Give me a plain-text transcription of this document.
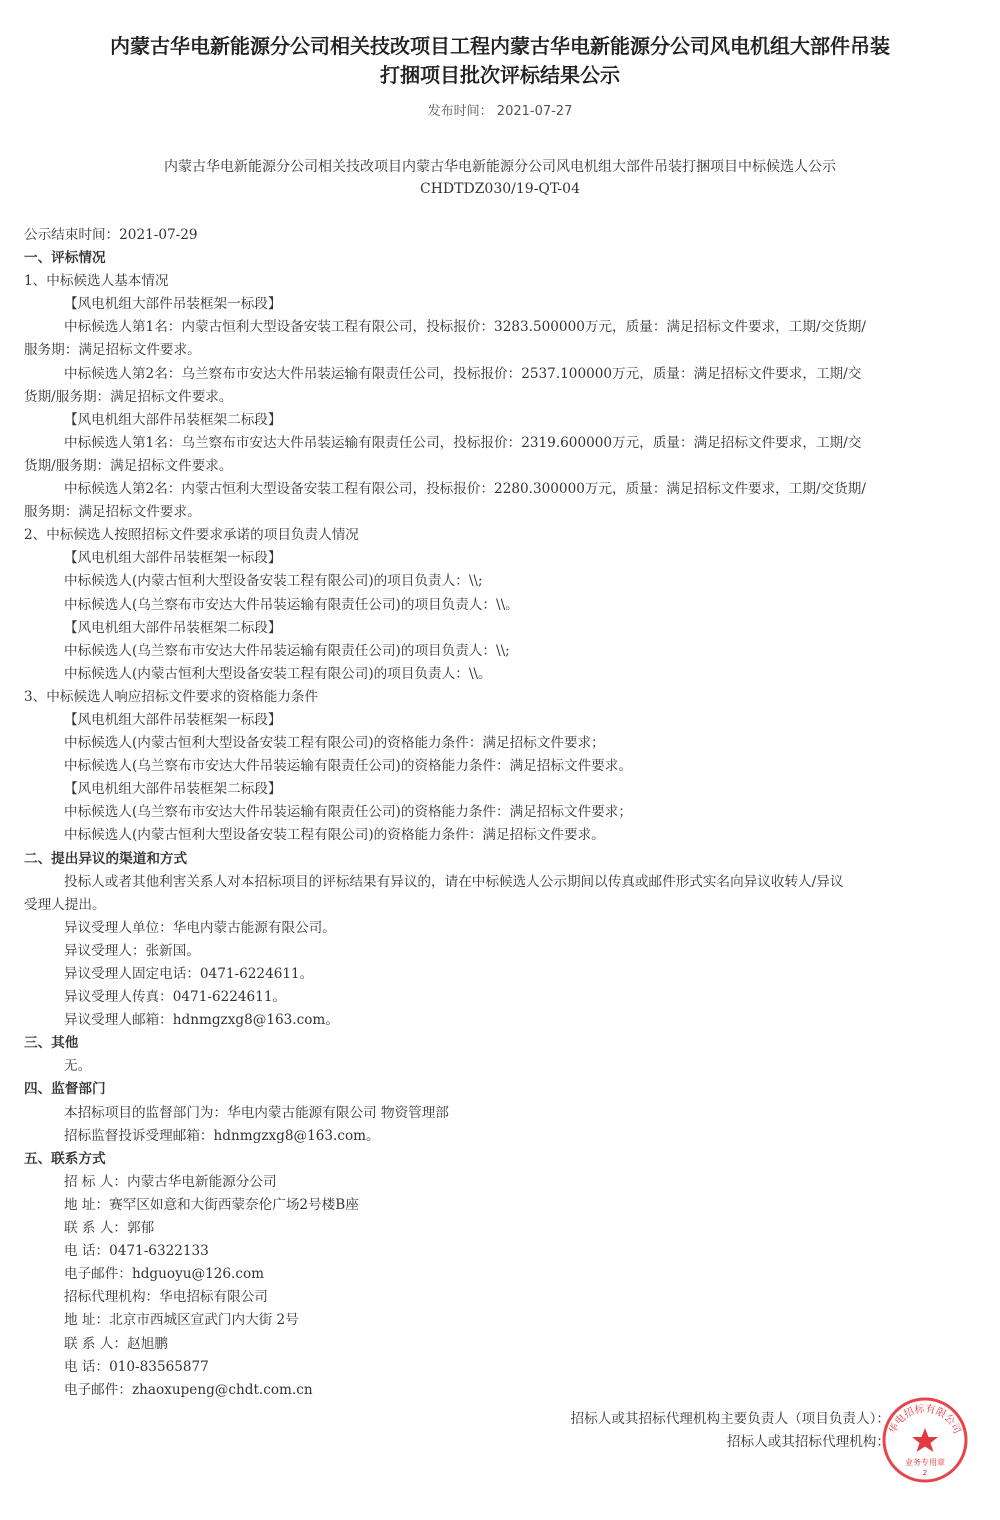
内蒙古华电新能源分公司相关技改项目工程内蒙古华电新能源分公司风电机组大部件吊装
打捆项目批次评标结果公示
发布时间： 2021-07-27
内蒙古华电新能源分公司相关技改项目内蒙古华电新能源分公司风电机组大部件吊装打捆项目中标候选人公示
CHDTDZ030/19-QT-04
公示结束时间：2021-07-29
一、评标情况
1、中标候选人基本情况
【风电机组大部件吊装框架一标段】
中标候选人第1名：内蒙古恒利大型设备安装工程有限公司，投标报价：3283.500000万元，质量：满足招标文件要求，工期/交货期/
服务期：满足招标文件要求。
中标候选人第2名：乌兰察布市安达大件吊装运输有限责任公司，投标报价：2537.100000万元，质量：满足招标文件要求，工期/交
货期/服务期：满足招标文件要求。
【风电机组大部件吊装框架二标段】
中标候选人第1名：乌兰察布市安达大件吊装运输有限责任公司，投标报价：2319.600000万元，质量：满足招标文件要求，工期/交
货期/服务期：满足招标文件要求。
中标候选人第2名：内蒙古恒利大型设备安装工程有限公司，投标报价：2280.300000万元，质量：满足招标文件要求，工期/交货期/
服务期：满足招标文件要求。
2、中标候选人按照招标文件要求承诺的项目负责人情况
【风电机组大部件吊装框架一标段】
中标候选人(内蒙古恒利大型设备安装工程有限公司)的项目负责人：\\;
中标候选人(乌兰察布市安达大件吊装运输有限责任公司)的项目负责人：\\。
【风电机组大部件吊装框架二标段】
中标候选人(乌兰察布市安达大件吊装运输有限责任公司)的项目负责人：\\;
中标候选人(内蒙古恒利大型设备安装工程有限公司)的项目负责人：\\。
3、中标候选人响应招标文件要求的资格能力条件
【风电机组大部件吊装框架一标段】
中标候选人(内蒙古恒利大型设备安装工程有限公司)的资格能力条件：满足招标文件要求；
中标候选人(乌兰察布市安达大件吊装运输有限责任公司)的资格能力条件：满足招标文件要求。
【风电机组大部件吊装框架二标段】
中标候选人(乌兰察布市安达大件吊装运输有限责任公司)的资格能力条件：满足招标文件要求；
中标候选人(内蒙古恒利大型设备安装工程有限公司)的资格能力条件：满足招标文件要求。
二、提出异议的渠道和方式
投标人或者其他利害关系人对本招标项目的评标结果有异议的，请在中标候选人公示期间以传真或邮件形式实名向异议收转人/异议
受理人提出。
异议受理人单位：华电内蒙古能源有限公司。
异议受理人：张新国。
异议受理人固定电话：0471-6224611。
异议受理人传真：0471-6224611。
异议受理人邮箱：hdnmgzxg8@163.com。
三、其他
无。
四、监督部门
本招标项目的监督部门为：华电内蒙古能源有限公司 物资管理部
招标监督投诉受理邮箱：hdnmgzxg8@163.com。
五、联系方式
招 标 人：内蒙古华电新能源分公司
地 址：赛罕区如意和大街西蒙奈伦广场2号楼B座
联 系 人：郭郁
电 话：0471-6322133
电子邮件：hdguoyu@126.com
招标代理机构：华电招标有限公司
地 址：北京市西城区宣武门内大街 2号
联 系 人：赵旭鹏
电 话：010-83565877
电子邮件：zhaoxupeng@chdt.com.cn
招标人或其招标代理机构主要负责人（项目负责人）：
招标人或其招标代理机构：
华电招标有限公司
业务专用章
2
